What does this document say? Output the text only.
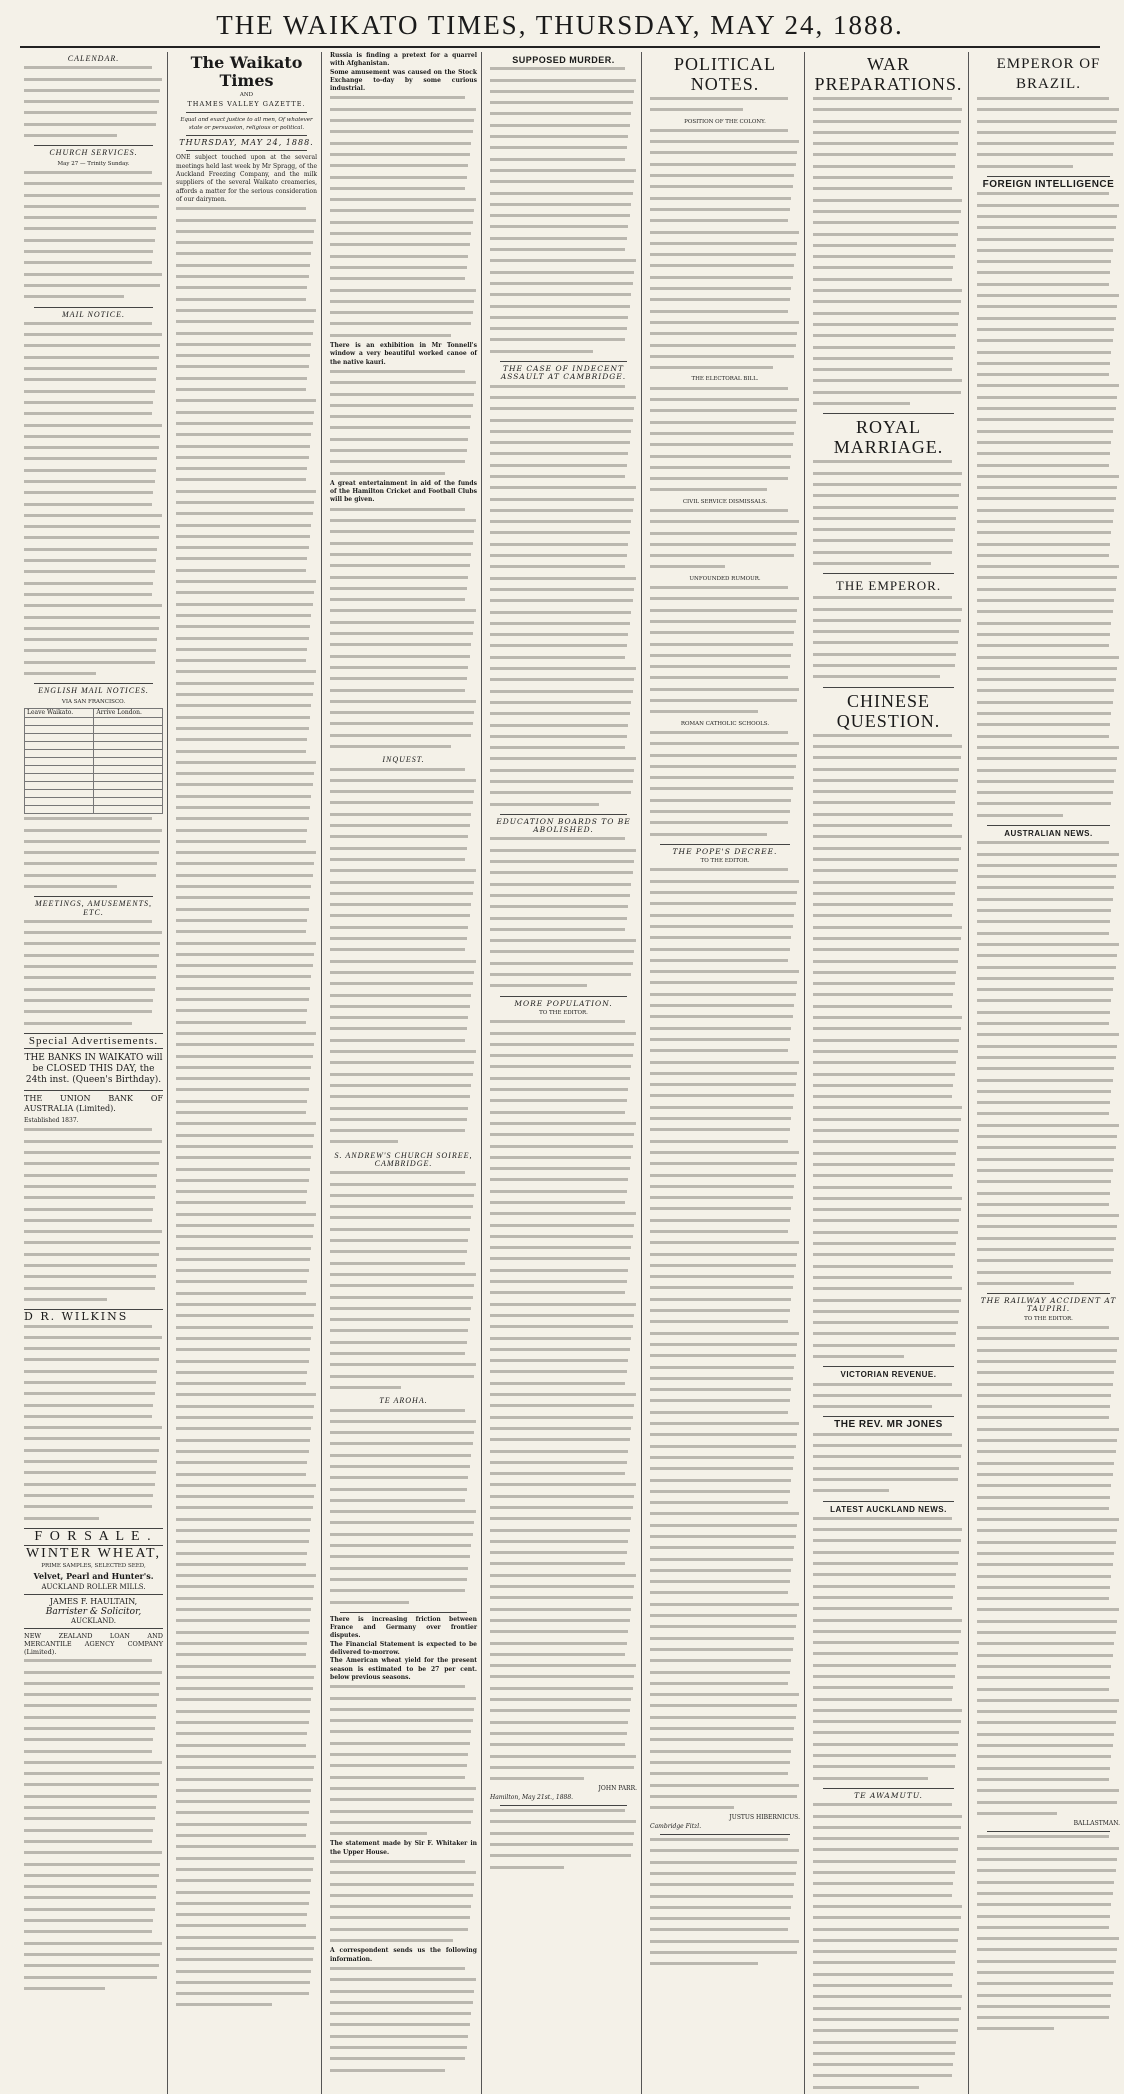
THE WAIKATO TIMES, THURSDAY, MAY 24, 1888.
CALENDAR.
CHURCH SERVICES.
May 27 — Trinity Sunday.
MAIL NOTICE.
ENGLISH MAIL NOTICES.
VIA SAN FRANCISCO.
Leave Waikato.	Arrive London.

MEETINGS, AMUSEMENTS, ETC.
Special Advertisements.
THE BANKS IN WAIKATO will be CLOSED THIS DAY, the 24th inst. (Queen's Birthday).
THE UNION BANK OF AUSTRALIA (Limited).
Established 1837.
D R. WILKINS
F O R S A L E .
WINTER WHEAT,
PRIME SAMPLES, SELECTED SEED,
Velvet, Pearl and Hunter's.
AUCKLAND ROLLER MILLS.
JAMES F. HAULTAIN,
Barrister & Solicitor,
AUCKLAND.
NEW ZEALAND LOAN AND MERCANTILE AGENCY COMPANY (Limited).
The Waikato Times
AND
THAMES VALLEY GAZETTE.
Equal and exact justice to all men, Of whatever state or persuasion, religious or political.
THURSDAY, MAY 24, 1888.
ONE subject touched upon at the several meetings held last week by Mr Spragg, of the Auckland Freezing Company, and the milk suppliers of the several Waikato creameries, affords a matter for the serious consideration of our dairymen.
Russia is finding a pretext for a quarrel with Afghanistan.
Some amusement was caused on the Stock Exchange to-day by some curious industrial.
There is an exhibition in Mr Tonnell's window a very beautiful worked canoe of the native kauri.
A great entertainment in aid of the funds of the Hamilton Cricket and Football Clubs will be given.
INQUEST.
S. ANDREW'S CHURCH SOIREE, CAMBRIDGE.
TE AROHA.
There is increasing friction between France and Germany over frontier disputes.
The Financial Statement is expected to be delivered to-morrow.
The American wheat yield for the present season is estimated to be 27 per cent. below previous seasons.
The statement made by Sir F. Whitaker in the Upper House.
A correspondent sends us the following information.
SUPPOSED MURDER.
THE CASE OF INDECENT ASSAULT AT CAMBRIDGE.
EDUCATION BOARDS TO BE ABOLISHED.
MORE POPULATION.
TO THE EDITOR.
JOHN PARR.
Hamilton, May 21st., 1888.
POLITICAL NOTES.
POSITION OF THE COLONY.
THE ELECTORAL BILL.
CIVIL SERVICE DISMISSALS.
UNFOUNDED RUMOUR.
ROMAN CATHOLIC SCHOOLS.
THE POPE'S DECREE.
TO THE EDITOR.
JUSTUS HIBERNICUS.
Cambridge Fitzl.
WAR PREPARATIONS.
ROYAL MARRIAGE.
THE EMPEROR.
CHINESE QUESTION.
VICTORIAN REVENUE.
THE REV. MR JONES
LATEST AUCKLAND NEWS.
TE AWAMUTU.
EMPEROR OF BRAZIL.
FOREIGN INTELLIGENCE
AUSTRALIAN NEWS.
THE RAILWAY ACCIDENT AT TAUPIRI.
TO THE EDITOR.
BALLASTMAN.
